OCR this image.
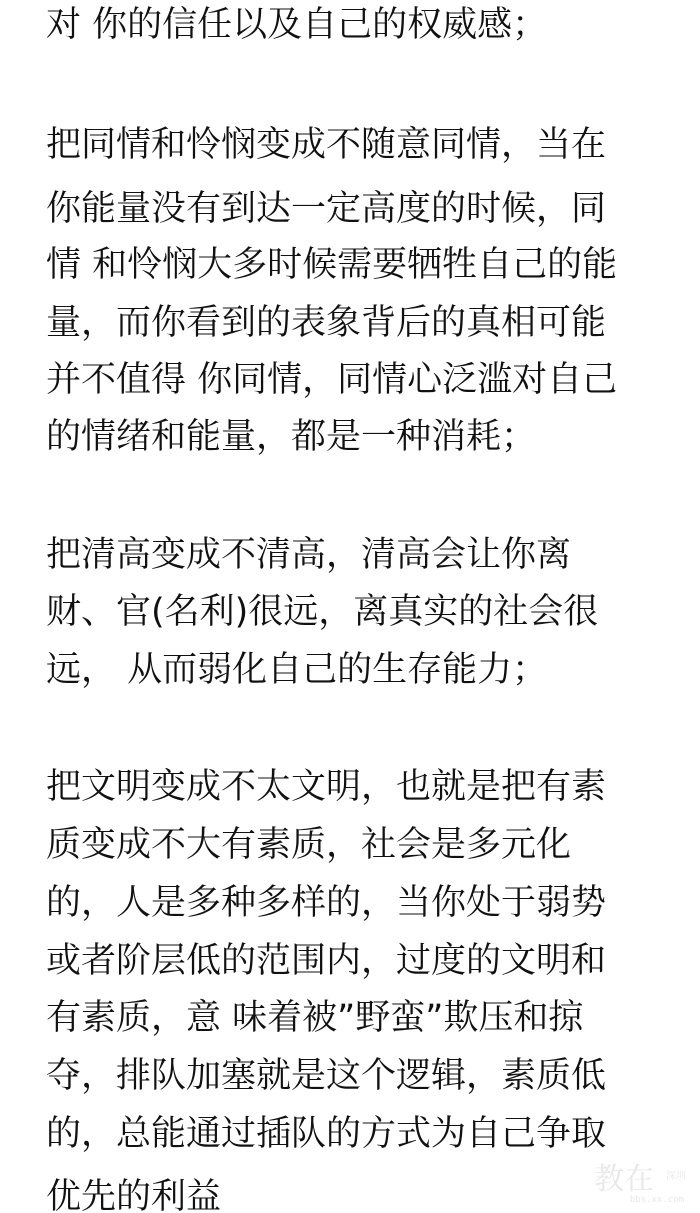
对 你的信任以及自己的权威感；
把同情和怜悯变成不随意同情，当在
你能量没有到达一定高度的时候，同
情 和怜悯大多时候需要牺牲自己的能
量，而你看到的表象背后的真相可能
并不值得 你同情，同情心泛滥对自己
的情绪和能量，都是一种消耗；
把清高变成不清高，清高会让你离
财、官(名利)很远，离真实的社会很
远， 从而弱化自己的生存能力；
把文明变成不太文明，也就是把有素
质变成不大有素质，社会是多元化
的，人是多种多样的，当你处于弱势
或者阶层低的范围内，过度的文明和
有素质，意 味着被”野蛮”欺压和掠
夺，排队加塞就是这个逻辑，素质低
的，总能通过插队的方式为自己争取
优先的利益	教在 深圳
bbs.xx.com
